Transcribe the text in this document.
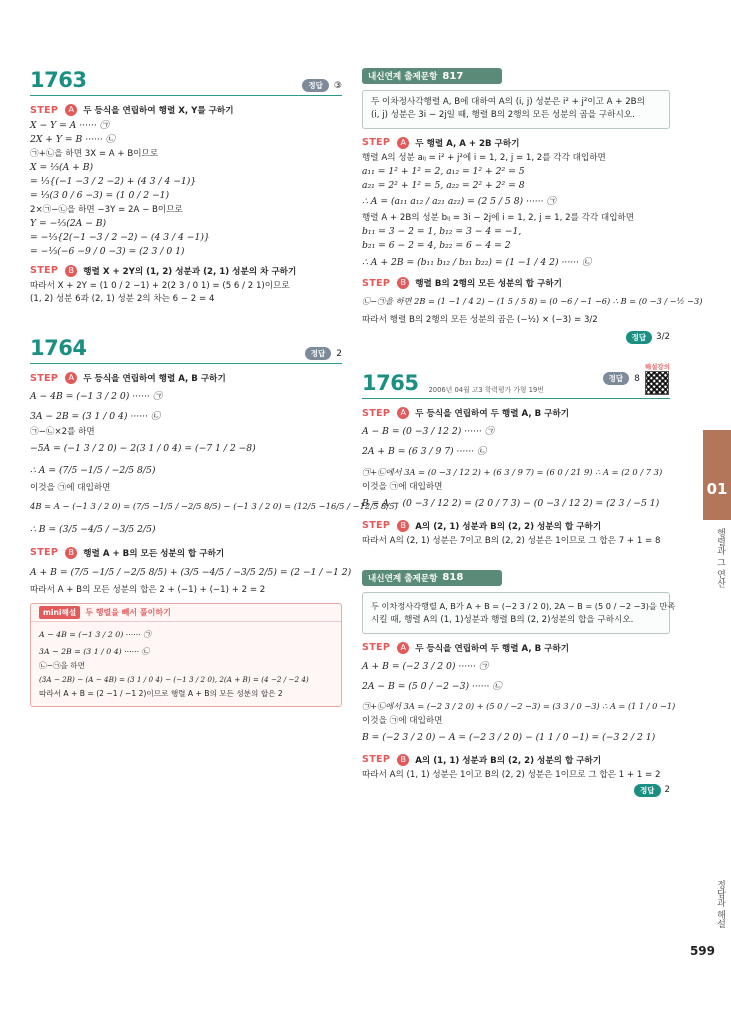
1763	정답	③
STEP	A	두 등식을 연립하여 행렬 X, Y를 구하기
X − Y = A ······ ㉠
2X + Y = B ······ ㉡
㉠+㉡을 하면 3X = A + B이므로
X = ⅓(A + B)
= ⅓{(−1 −3 / 2 −2) + (4 3 / 4 −1)}
= ⅓(3 0 / 6 −3) = (1 0 / 2 −1)
2×㉠−㉡을 하면 −3Y = 2A − B이므로
Y = −⅓(2A − B)
= −⅓{2(−1 −3 / 2 −2) − (4 3 / 4 −1)}
= −⅓(−6 −9 / 0 −3) = (2 3 / 0 1)
STEP	B	행렬 X + 2Y의 (1, 2) 성분과 (2, 1) 성분의 차 구하기
따라서 X + 2Y = (1 0 / 2 −1) + 2(2 3 / 0 1) = (5 6 / 2 1)이므로
(1, 2) 성분 6과 (2, 1) 성분 2의 차는 6 − 2 = 4
1764	정답	2
STEP	A	두 등식을 연립하여 행렬 A, B 구하기
A − 4B = (−1 3 / 2 0) ······ ㉠
3A − 2B = (3 1 / 0 4) ······ ㉡
㉠−㉡×2를 하면
−5A = (−1 3 / 2 0) − 2(3 1 / 0 4) = (−7 1 / 2 −8)
∴ A = (7/5 −1/5 / −2/5 8/5)
이것을 ㉠에 대입하면
4B = A − (−1 3 / 2 0) = (7/5 −1/5 / −2/5 8/5) − (−1 3 / 2 0) = (12/5 −16/5 / −12/5 8/5)
∴ B = (3/5 −4/5 / −3/5 2/5)
STEP	B	행렬 A + B의 모든 성분의 합 구하기
A + B = (7/5 −1/5 / −2/5 8/5) + (3/5 −4/5 / −3/5 2/5) = (2 −1 / −1 2)
따라서 A + B의 모든 성분의 합은 2 + (−1) + (−1) + 2 = 2
mini해설	두 행렬을 빼서 풀이하기
A − 4B = (−1 3 / 2 0) ······ ㉠
3A − 2B = (3 1 / 0 4) ······ ㉡
㉡−㉠을 하면
(3A − 2B) − (A − 4B) = (3 1 / 0 4) − (−1 3 / 2 0), 2(A + B) = (4 −2 / −2 4)
따라서 A + B = (2 −1 / −1 2)이므로 행렬 A + B의 모든 성분의 합은 2
내신연계 출제문항 817
두 이차정사각행렬 A, B에 대하여 A의 (i, j) 성분은 i² + j²이고 A + 2B의
(i, j) 성분은 3i − 2j일 때, 행렬 B의 2행의 모든 성분의 곱을 구하시오.
STEP	A	두 행렬 A, A + 2B 구하기
행렬 A의 성분 aᵢⱼ = i² + j²에 i = 1, 2, j = 1, 2를 각각 대입하면
a₁₁ = 1² + 1² = 2, a₁₂ = 1² + 2² = 5
a₂₁ = 2² + 1² = 5, a₂₂ = 2² + 2² = 8
∴ A = (a₁₁ a₁₂ / a₂₁ a₂₂) = (2 5 / 5 8) ······ ㉠
행렬 A + 2B의 성분 bᵢⱼ = 3i − 2j에 i = 1, 2, j = 1, 2를 각각 대입하면
b₁₁ = 3 − 2 = 1, b₁₂ = 3 − 4 = −1,
b₂₁ = 6 − 2 = 4, b₂₂ = 6 − 4 = 2
∴ A + 2B = (b₁₁ b₁₂ / b₂₁ b₂₂) = (1 −1 / 4 2) ······ ㉡
STEP	B	행렬 B의 2행의 모든 성분의 합 구하기
㉡−㉠을 하면 2B = (1 −1 / 4 2) − (1 5 / 5 8) = (0 −6 / −1 −6) ∴ B = (0 −3 / −½ −3)
따라서 행렬 B의 2행의 모든 성분의 곱은 (−½) × (−3) = 3/2
정답	3/2
1765 2006년 04월 고3 학력평가 가형 19번
정답	8
해설강의
STEP	A	두 등식을 연립하여 두 행렬 A, B 구하기
A − B = (0 −3 / 12 2) ······ ㉠
2A + B = (6 3 / 9 7) ······ ㉡
㉠+㉡에서 3A = (0 −3 / 12 2) + (6 3 / 9 7) = (6 0 / 21 9) ∴ A = (2 0 / 7 3)
이것을 ㉠에 대입하면
B = A − (0 −3 / 12 2) = (2 0 / 7 3) − (0 −3 / 12 2) = (2 3 / −5 1)
STEP	B	A의 (2, 1) 성분과 B의 (2, 2) 성분의 합 구하기
따라서 A의 (2, 1) 성분은 7이고 B의 (2, 2) 성분은 1이므로 그 합은 7 + 1 = 8
내신연계 출제문항 818
두 이차정사각행렬 A, B가 A + B = (−2 3 / 2 0), 2A − B = (5 0 / −2 −3)을 만족
시킬 때, 행렬 A의 (1, 1)성분과 행렬 B의 (2, 2)성분의 합을 구하시오.
STEP	A	두 등식을 연립하여 두 행렬 A, B 구하기
A + B = (−2 3 / 2 0) ······ ㉠
2A − B = (5 0 / −2 −3) ······ ㉡
㉠+㉡에서 3A = (−2 3 / 2 0) + (5 0 / −2 −3) = (3 3 / 0 −3) ∴ A = (1 1 / 0 −1)
이것을 ㉠에 대입하면
B = (−2 3 / 2 0) − A = (−2 3 / 2 0) − (1 1 / 0 −1) = (−3 2 / 2 1)
STEP	B	A의 (1, 1) 성분과 B의 (2, 2) 성분의 합 구하기
따라서 A의 (1, 1) 성분은 1이고 B의 (2, 2) 성분은 1이므로 그 합은 1 + 1 = 2
정답	2
01
행렬과 그 연산
정답과 해설
599
